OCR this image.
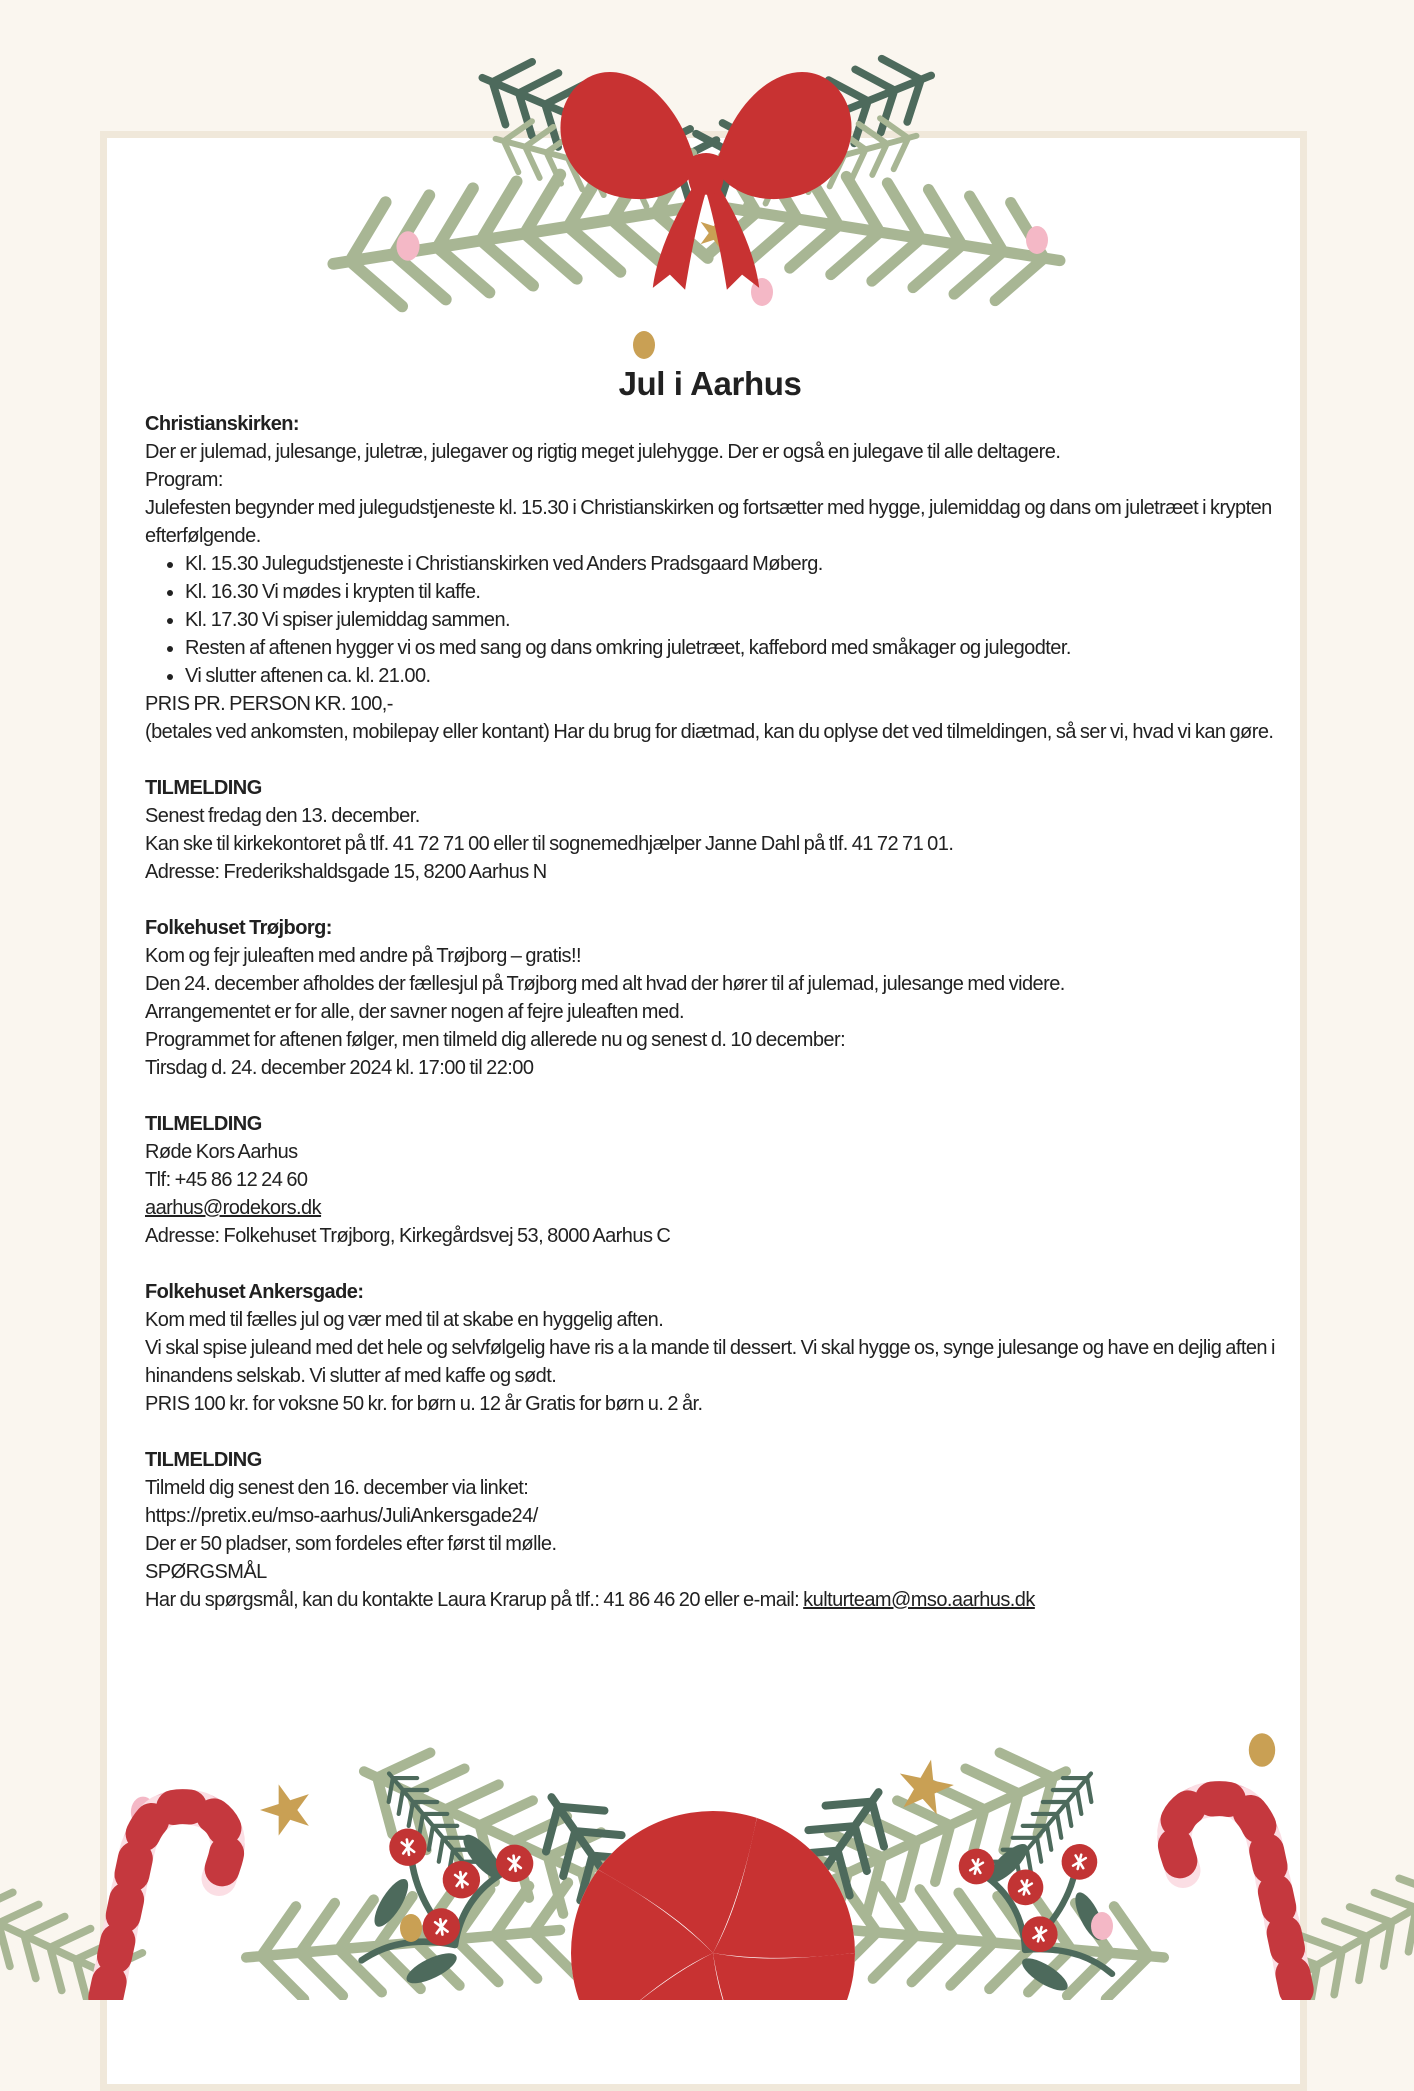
Jul i Aarhus

Christianskirken:

Der er julemad, julesange, juletræ, julegaver og rigtig meget julehygge. Der er også en julegave til alle deltagere.

Program:

Julefesten begynder med julegudstjeneste kl. 15.30 i Christianskirken og fortsætter med hygge, julemiddag og dans om juletræet i krypten efterfølgende.

• Kl. 15.30 Julegudstjeneste i Christianskirken ved Anders Pradsgaard Møberg.
• Kl. 16.30 Vi mødes i krypten til kaffe.
• Kl. 17.30 Vi spiser julemiddag sammen.
• Resten af aftenen hygger vi os med sang og dans omkring juletræet, kaffebord med småkager og julegodter.
• Vi slutter aftenen ca. kl. 21.00.

PRIS PR. PERSON KR. 100,-

(betales ved ankomsten, mobilepay eller kontant) Har du brug for diætmad, kan du oplyse det ved tilmeldingen, så ser vi, hvad vi kan gøre.

TILMELDING

Senest fredag den 13. december.

Kan ske til kirkekontoret på tlf. 41 72 71 00 eller til sognemedhjælper Janne Dahl på tlf. 41 72 71 01.

Adresse: Frederikshaldsgade 15, 8200 Aarhus N

Folkehuset Trøjborg:

Kom og fejr juleaften med andre på Trøjborg – gratis!!

Den 24. december afholdes der fællesjul på Trøjborg med alt hvad der hører til af julemad, julesange med videre.

Arrangementet er for alle, der savner nogen af fejre juleaften med.

Programmet for aftenen følger, men tilmeld dig allerede nu og senest d. 10 december:

Tirsdag d. 24. december 2024 kl. 17:00 til 22:00

TILMELDING

Røde Kors Aarhus

Tlf: +45 86 12 24 60

aarhus@rodekors.dk

Adresse: Folkehuset Trøjborg, Kirkegårdsvej 53, 8000 Aarhus C

Folkehuset Ankersgade:

Kom med til fælles jul og vær med til at skabe en hyggelig aften.

Vi skal spise juleand med det hele og selvfølgelig have ris a la mande til dessert. Vi skal hygge os, synge julesange og have en dejlig aften i hinandens selskab. Vi slutter af med kaffe og sødt.

PRIS 100 kr. for voksne 50 kr. for børn u. 12 år Gratis for børn u. 2 år.

TILMELDING

Tilmeld dig senest den 16. december via linket:

https://pretix.eu/mso-aarhus/JuliAnkersgade24/

Der er 50 pladser, som fordeles efter først til mølle.

SPØRGSMÅL

Har du spørgsmål, kan du kontakte Laura Krarup på tlf.: 41 86 46 20 eller e-mail: kulturteam@mso.aarhus.dk
